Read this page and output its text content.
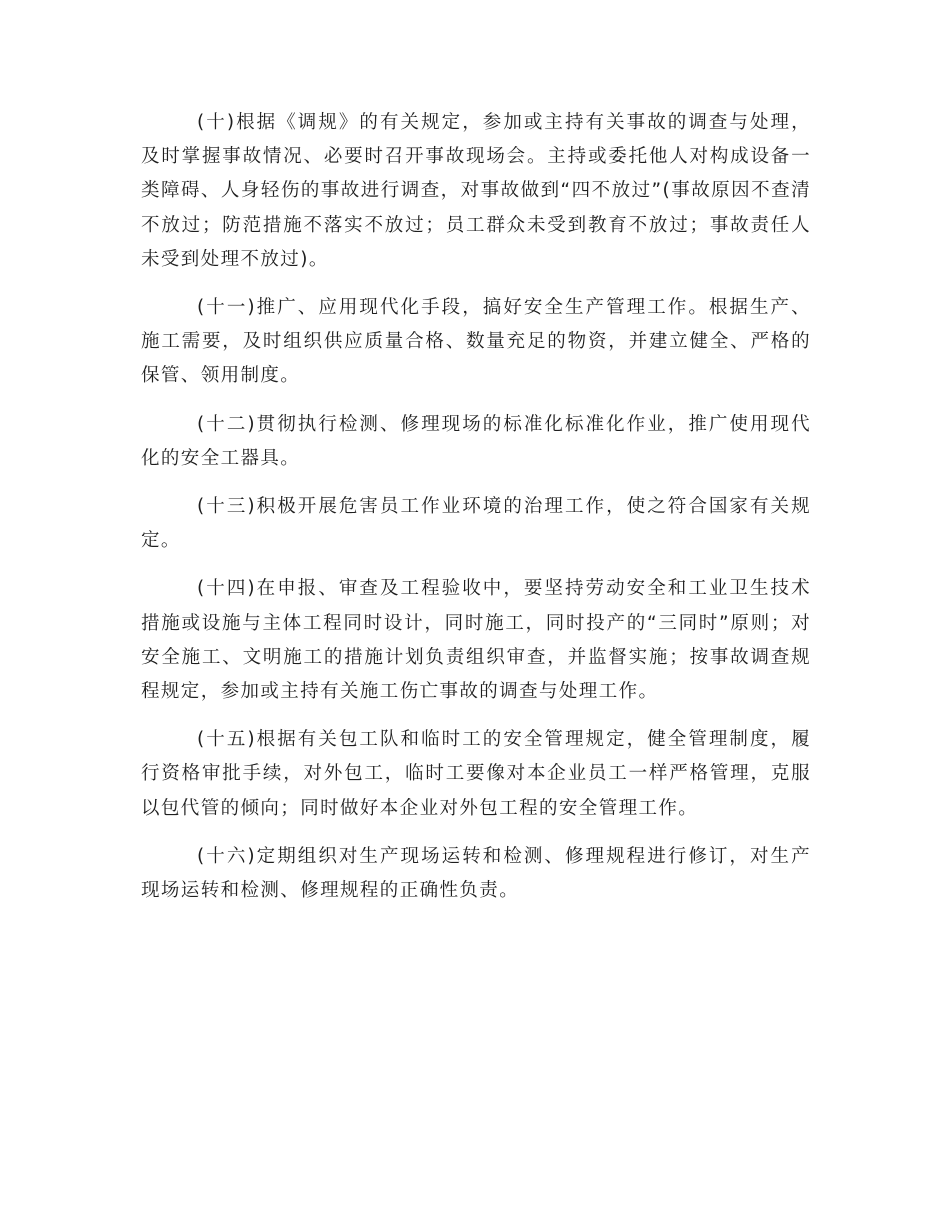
(十)根据《调规》的有关规定，参加或主持有关事故的调查与处理，及时掌握事故情况、必要时召开事故现场会。主持或委托他人对构成设备一类障碍、人身轻伤的事故进行调查，对事故做到“四不放过”(事故原因不查清不放过；防范措施不落实不放过；员工群众未受到教育不放过；事故责任人未受到处理不放过)。

(十一)推广、应用现代化手段，搞好安全生产管理工作。根据生产、施工需要，及时组织供应质量合格、数量充足的物资，并建立健全、严格的保管、领用制度。

(十二)贯彻执行检测、修理现场的标准化标准化作业，推广使用现代化的安全工器具。

(十三)积极开展危害员工作业环境的治理工作，使之符合国家有关规定。

(十四)在申报、审查及工程验收中，要坚持劳动安全和工业卫生技术措施或设施与主体工程同时设计，同时施工，同时投产的“三同时”原则；对安全施工、文明施工的措施计划负责组织审查，并监督实施；按事故调查规程规定，参加或主持有关施工伤亡事故的调查与处理工作。

(十五)根据有关包工队和临时工的安全管理规定，健全管理制度，履行资格审批手续，对外包工，临时工要像对本企业员工一样严格管理，克服以包代管的倾向；同时做好本企业对外包工程的安全管理工作。

(十六)定期组织对生产现场运转和检测、修理规程进行修订，对生产现场运转和检测、修理规程的正确性负责。
